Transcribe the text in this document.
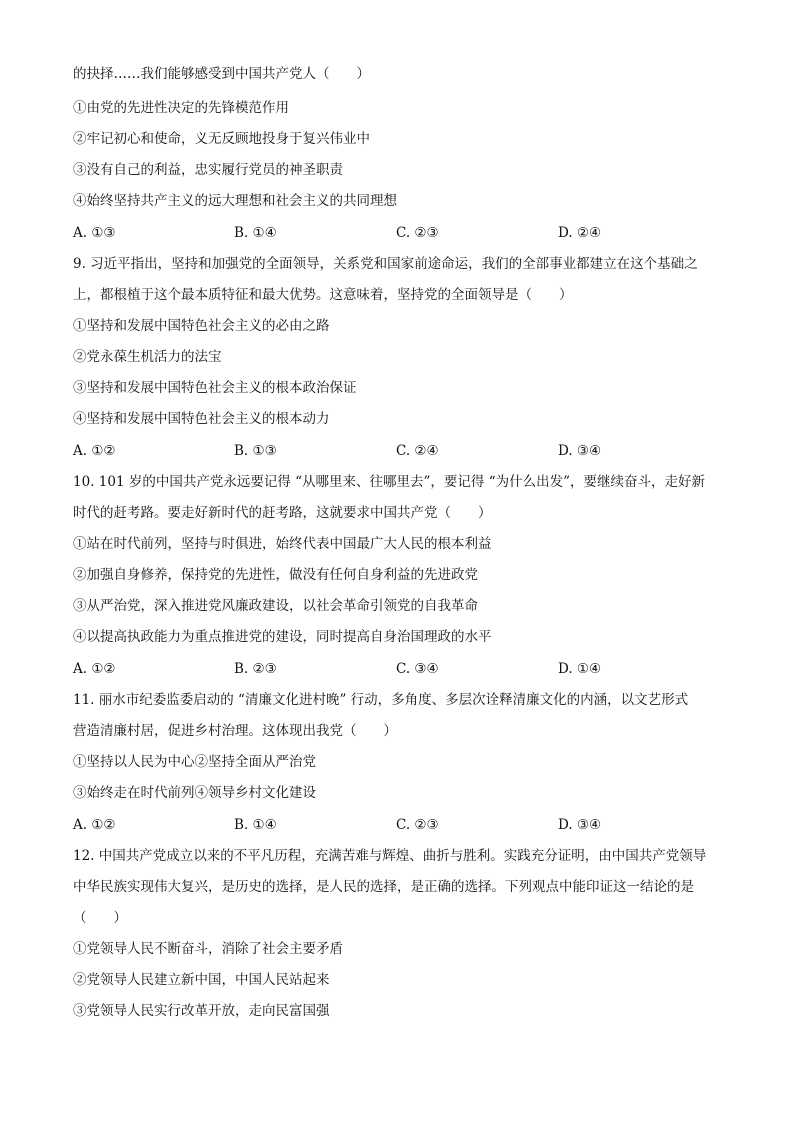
的抉择……我们能够感受到中国共产党人（　　）
①由党的先进性决定的先锋模范作用
②牢记初心和使命，义无反顾地投身于复兴伟业中
③没有自己的利益，忠实履行党员的神圣职责
④始终坚持共产主义的远大理想和社会主义的共同理想
A. ①③	B. ①④	C. ②③	D. ②④
9. 习近平指出，坚持和加强党的全面领导，关系党和国家前途命运，我们的全部事业都建立在这个基础之
上，都根植于这个最本质特征和最大优势。这意味着，坚持党的全面领导是（　　）
①坚持和发展中国特色社会主义的必由之路
②党永葆生机活力的法宝
③坚持和发展中国特色社会主义的根本政治保证
④坚持和发展中国特色社会主义的根本动力
A. ①②	B. ①③	C. ②④	D. ③④
10. 101 岁的中国共产党永远要记得 “从哪里来、往哪里去”，要记得 “为什么出发”，要继续奋斗，走好新
时代的赶考路。要走好新时代的赶考路，这就要求中国共产党（　　）
①站在时代前列，坚持与时俱进，始终代表中国最广大人民的根本利益
②加强自身修养，保持党的先进性，做没有任何自身利益的先进政党
③从严治党，深入推进党风廉政建设，以社会革命引领党的自我革命
④以提高执政能力为重点推进党的建设，同时提高自身治国理政的水平
A. ①②	B. ②③	C. ③④	D. ①④
11. 丽水市纪委监委启动的 “清廉文化进村晚” 行动，多角度、多层次诠释清廉文化的内涵，以文艺形式
营造清廉村居，促进乡村治理。这体现出我党（　　）
①坚持以人民为中心②坚持全面从严治党
③始终走在时代前列④领导乡村文化建设
A. ①②	B. ①④	C. ②③	D. ③④
12. 中国共产党成立以来的不平凡历程，充满苦难与辉煌、曲折与胜利。实践充分证明，由中国共产党领导
中华民族实现伟大复兴，是历史的选择，是人民的选择，是正确的选择。下列观点中能印证这一结论的是
（　　）
①党领导人民不断奋斗，消除了社会主要矛盾
②党领导人民建立新中国，中国人民站起来
③党领导人民实行改革开放，走向民富国强
